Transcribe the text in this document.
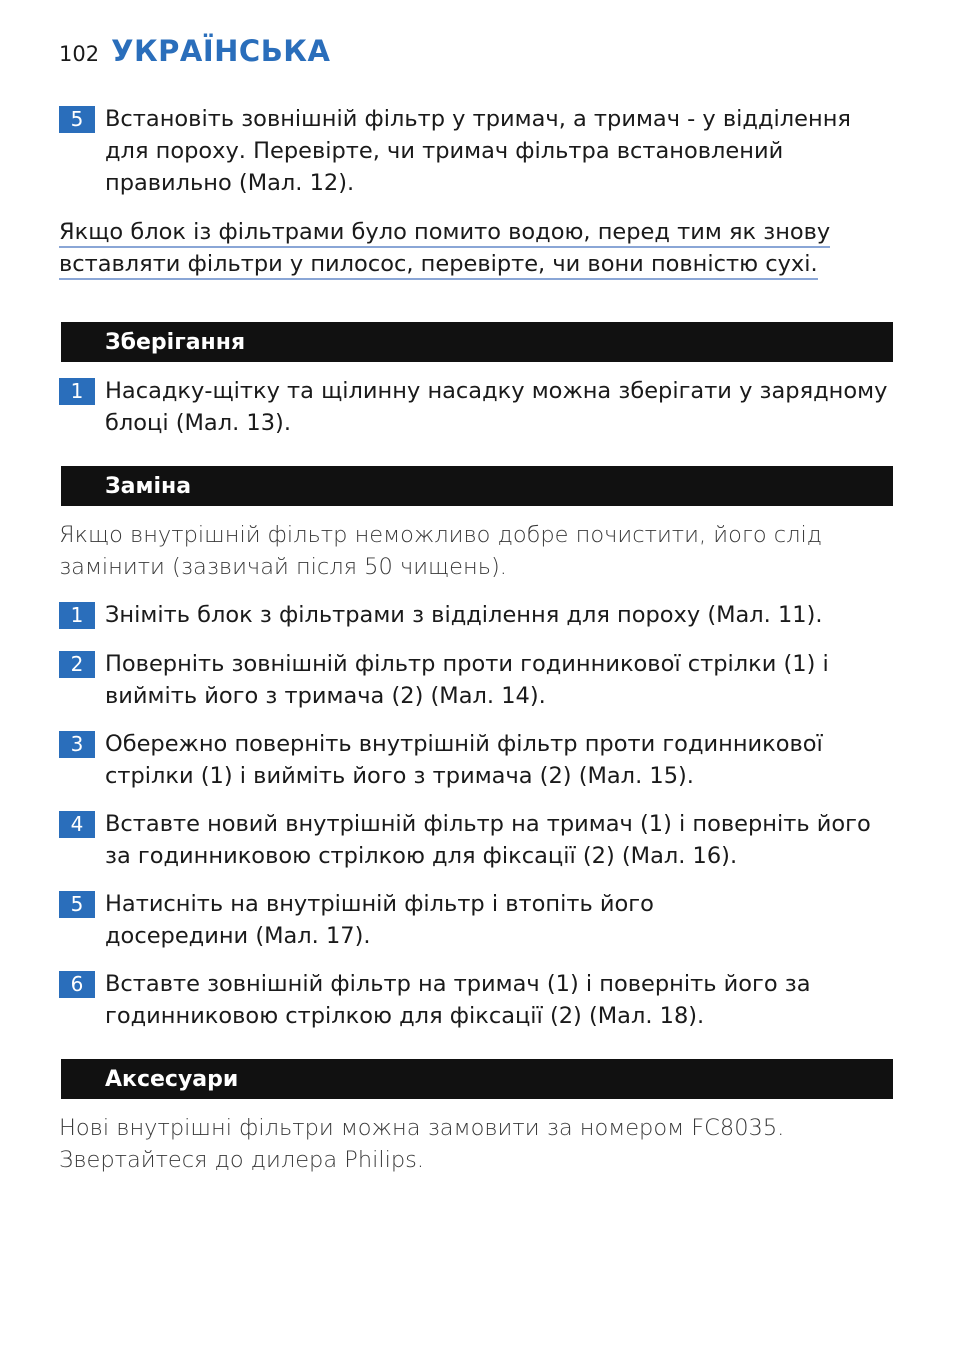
102 УКРАЇНСЬКА
5 Встановіть зовнішній фільтр у тримач, а тримач - у відділення для пороху. Перевірте, чи тримач фільтра встановлений правильно (Мал. 12).
Якщо блок із фільтрами було помито водою, перед тим як знову вставляти фільтри у пилосос, перевірте, чи вони повністю сухі.
Зберігання
1 Насадку-щітку та щілинну насадку можна зберігати у зарядному блоці (Мал. 13).
Заміна
Якщо внутрішній фільтр неможливо добре почистити, його слід замінити (зазвичай після 50 чищень).
1 Зніміть блок з фільтрами з відділення для пороху (Мал. 11).
2 Поверніть зовнішній фільтр проти годинникової стрілки (1) і вийміть його з тримача (2) (Мал. 14).
3 Обережно поверніть внутрішній фільтр проти годинникової стрілки (1) і вийміть його з тримача (2) (Мал. 15).
4 Вставте новий внутрішній фільтр на тримач (1) і поверніть його за годинниковою стрілкою для фіксації (2) (Мал. 16).
5 Натисніть на внутрішній фільтр і втопіть його досередини (Мал. 17).
6 Вставте зовнішній фільтр на тримач (1) і поверніть його за годинниковою стрілкою для фіксації (2) (Мал. 18).
Аксесуари
Нові внутрішні фільтри можна замовити за номером FC8035. Звертайтеся до дилера Philips.
